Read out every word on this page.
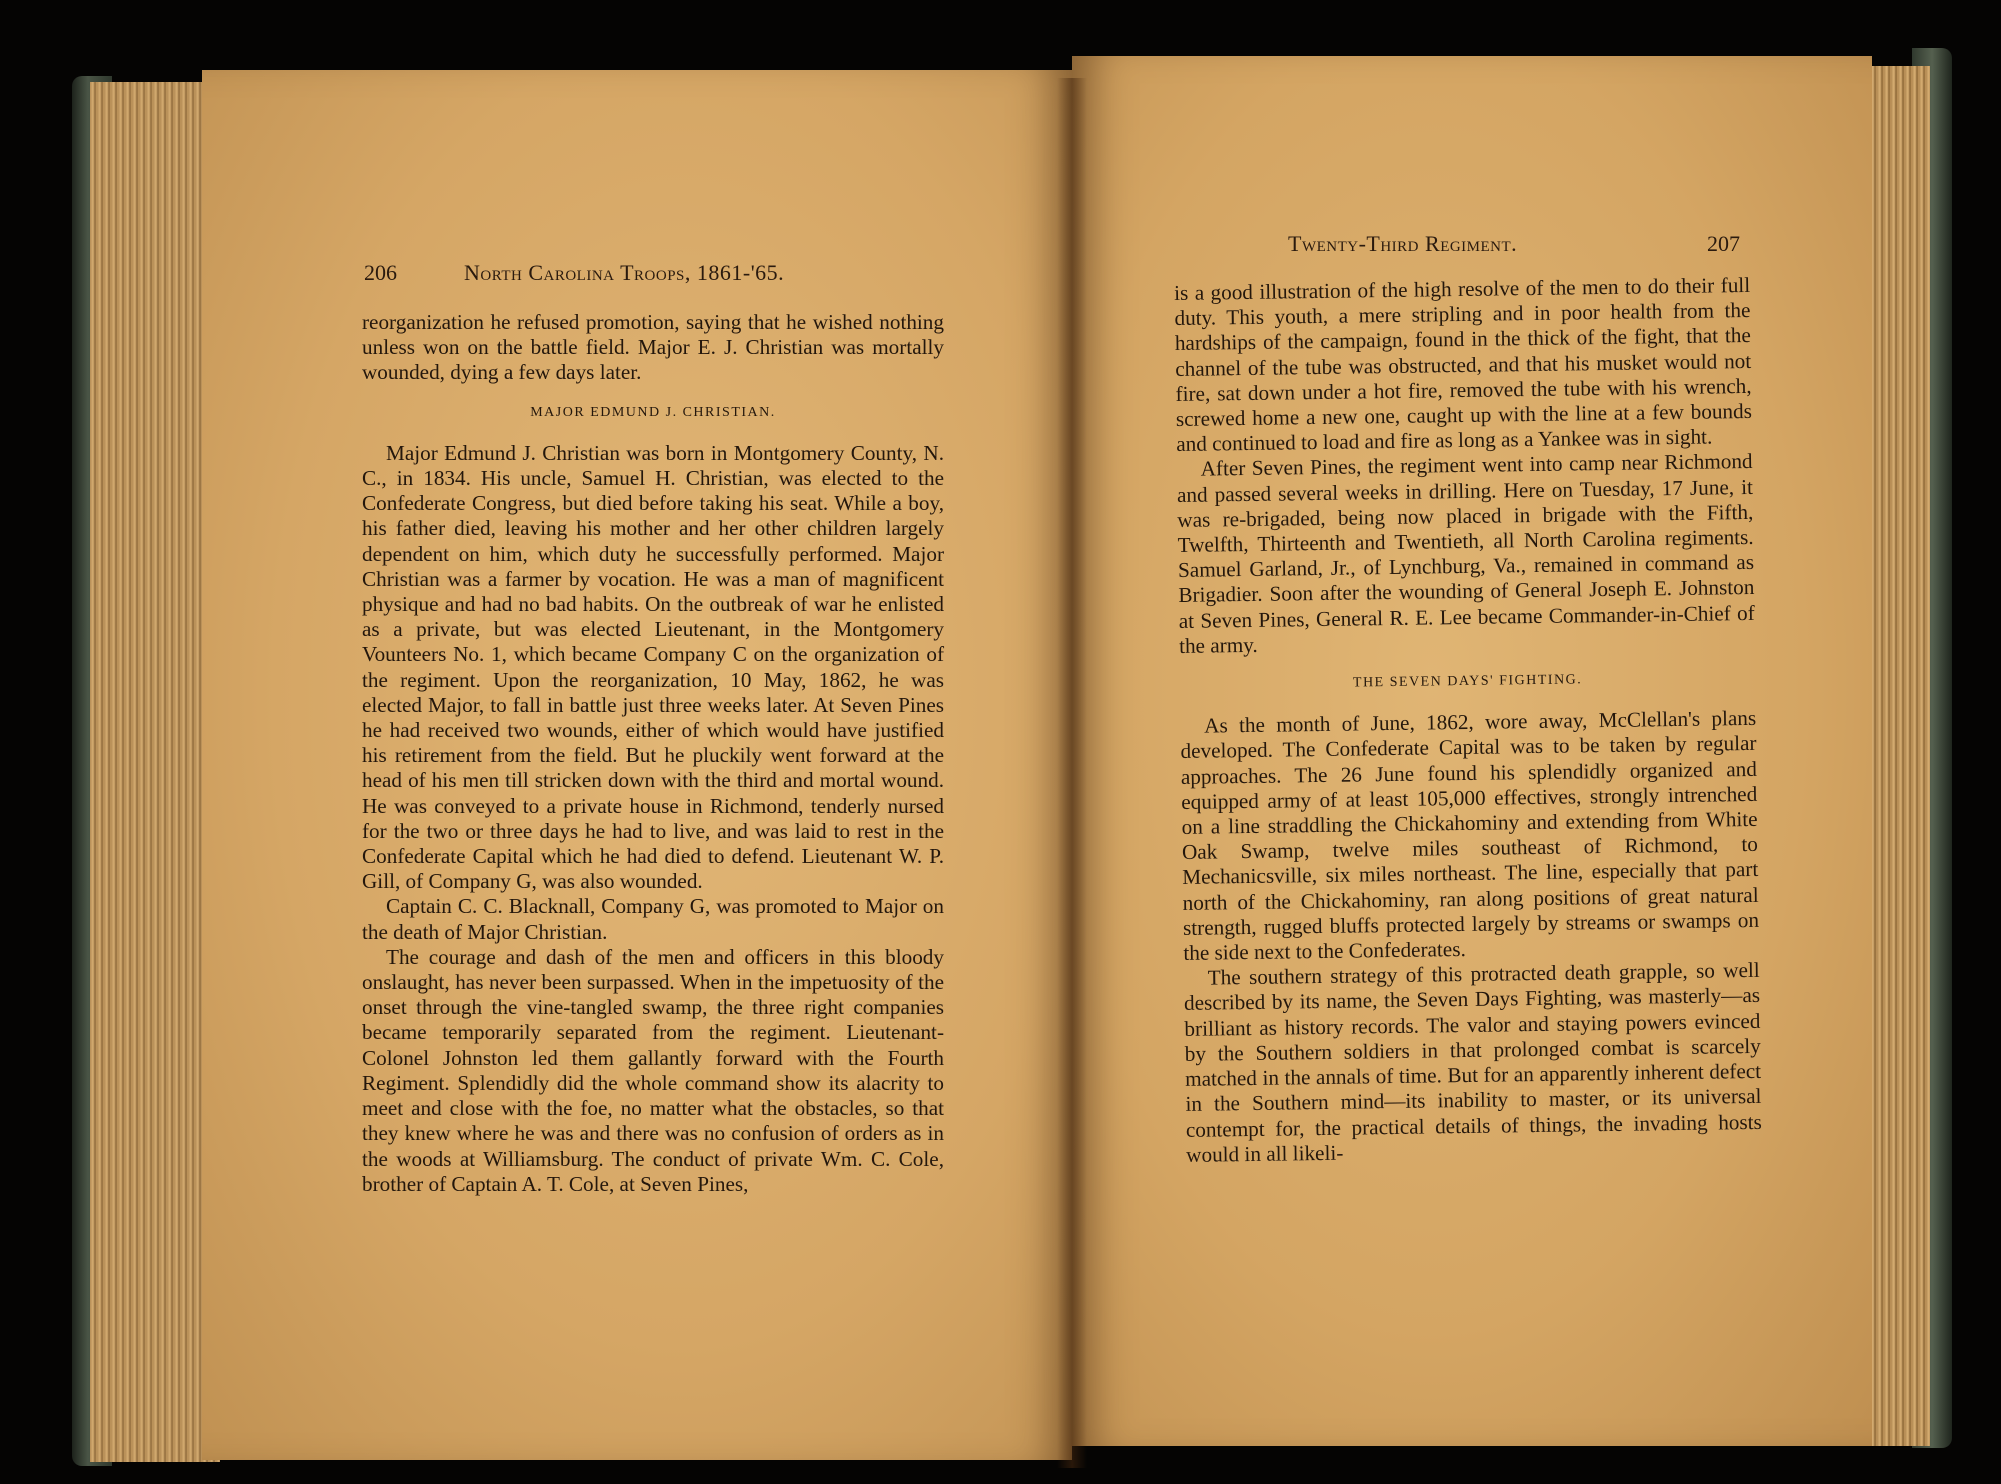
206	North Carolina Troops, 1861-'65.

reorganization he refused promotion, saying that he wished nothing unless won on the battle field. Major E. J. Christian was mortally wounded, dying a few days later.

MAJOR EDMUND J. CHRISTIAN.

Major Edmund J. Christian was born in Montgomery County, N. C., in 1834. His uncle, Samuel H. Christian, was elected to the Confederate Congress, but died before taking his seat. While a boy, his father died, leaving his mother and her other children largely dependent on him, which duty he successfully performed. Major Christian was a farmer by vocation. He was a man of magnificent physique and had no bad habits. On the outbreak of war he enlisted as a private, but was elected Lieutenant, in the Montgomery Vounteers No. 1, which became Company C on the organization of the regiment. Upon the reorganization, 10 May, 1862, he was elected Major, to fall in battle just three weeks later. At Seven Pines he had received two wounds, either of which would have justified his retirement from the field. But he pluckily went forward at the head of his men till stricken down with the third and mortal wound. He was conveyed to a private house in Richmond, tenderly nursed for the two or three days he had to live, and was laid to rest in the Confederate Capital which he had died to defend. Lieutenant W. P. Gill, of Company G, was also wounded.

Captain C. C. Blacknall, Company G, was promoted to Major on the death of Major Christian.

The courage and dash of the men and officers in this bloody onslaught, has never been surpassed. When in the impetuosity of the onset through the vine-tangled swamp, the three right companies became temporarily separated from the regiment. Lieutenant-Colonel Johnston led them gallantly forward with the Fourth Regiment. Splendidly did the whole command show its alacrity to meet and close with the foe, no matter what the obstacles, so that they knew where he was and there was no confusion of orders as in the woods at Williamsburg. The conduct of private Wm. C. Cole, brother of Captain A. T. Cole, at Seven Pines,

Twenty-Third Regiment.	207

is a good illustration of the high resolve of the men to do their full duty. This youth, a mere stripling and in poor health from the hardships of the campaign, found in the thick of the fight, that the channel of the tube was obstructed, and that his musket would not fire, sat down under a hot fire, removed the tube with his wrench, screwed home a new one, caught up with the line at a few bounds and continued to load and fire as long as a Yankee was in sight.

After Seven Pines, the regiment went into camp near Richmond and passed several weeks in drilling. Here on Tuesday, 17 June, it was re-brigaded, being now placed in brigade with the Fifth, Twelfth, Thirteenth and Twentieth, all North Carolina regiments. Samuel Garland, Jr., of Lynchburg, Va., remained in command as Brigadier. Soon after the wounding of General Joseph E. Johnston at Seven Pines, General R. E. Lee became Commander-in-Chief of the army.

THE SEVEN DAYS' FIGHTING.

As the month of June, 1862, wore away, McClellan's plans developed. The Confederate Capital was to be taken by regular approaches. The 26 June found his splendidly organized and equipped army of at least 105,000 effectives, strongly intrenched on a line straddling the Chickahominy and extending from White Oak Swamp, twelve miles southeast of Richmond, to Mechanicsville, six miles northeast. The line, especially that part north of the Chickahominy, ran along positions of great natural strength, rugged bluffs protected largely by streams or swamps on the side next to the Confederates.

The southern strategy of this protracted death grapple, so well described by its name, the Seven Days Fighting, was masterly—as brilliant as history records. The valor and staying powers evinced by the Southern soldiers in that prolonged combat is scarcely matched in the annals of time. But for an apparently inherent defect in the Southern mind—its inability to master, or its universal contempt for, the practical details of things, the invading hosts would in all likeli-
